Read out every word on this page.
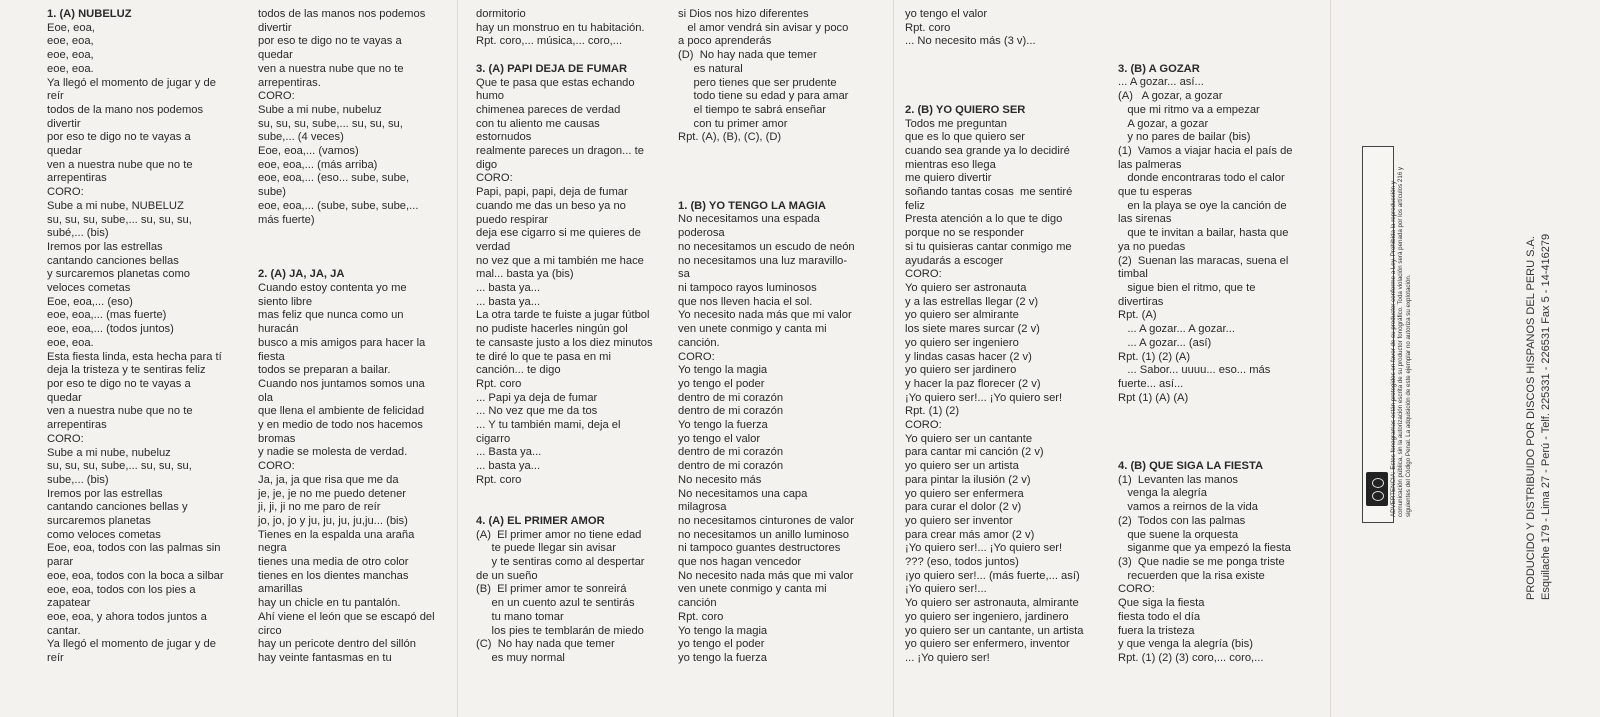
1. (A) NUBELUZ
Eoe, eoa,
eoe, eoa,
eoe, eoa,
eoe, eoa.
Ya llegó el momento de jugar y de
reír
todos de la mano nos podemos
divertir
por eso te digo no te vayas a
quedar
ven a nuestra nube que no te
arrepentiras
CORO:
Sube a mi nube, NUBELUZ
su, su, su, sube,... su, su, su,
subé,... (bis)
Iremos por las estrellas
cantando canciones bellas
y surcaremos planetas como
veloces cometas
Eoe, eoa,... (eso)
eoe, eoa,... (mas fuerte)
eoe, eoa,... (todos juntos)
eoe, eoa.
Esta fiesta linda, esta hecha para tí
deja la tristeza y te sentiras feliz
por eso te digo no te vayas a
quedar
ven a nuestra nube que no te
arrepentiras
CORO:
Sube a mi nube, nubeluz
su, su, su, sube,... su, su, su,
sube,... (bis)
Iremos por las estrellas
cantando canciones bellas y
surcaremos planetas
como veloces cometas
Eoe, eoa, todos con las palmas sin
parar
eoe, eoa, todos con la boca a silbar
eoe, eoa, todos con los pies a
zapatear
eoe, eoa, y ahora todos juntos a
cantar.
Ya llegó el momento de jugar y de
reír
todos de las manos nos podemos
divertir
por eso te digo no te vayas a
quedar
ven a nuestra nube que no te
arrepentiras.
CORO:
Sube a mi nube, nubeluz
su, su, su, sube,... su, su, su,
sube,... (4 veces)
Eoe, eoa,... (vamos)
eoe, eoa,... (más arriba)
eoe, eoa,... (eso... sube, sube,
sube)
eoe, eoa,... (sube, sube, sube,...
más fuerte)
2. (A) JA, JA, JA
Cuando estoy contenta yo me
siento libre
mas feliz que nunca como un
huracán
busco a mis amigos para hacer la
fiesta
todos se preparan a bailar.
Cuando nos juntamos somos una
ola
que llena el ambiente de felicidad
y en medio de todo nos hacemos
bromas
y nadie se molesta de verdad.
CORO:
Ja, ja, ja que risa que me da
je, je, je no me puedo detener
ji, ji, ji no me paro de reír
jo, jo, jo y ju, ju, ju, ju,ju... (bis)
Tienes en la espalda una araña
negra
tienes una media de otro color
tienes en los dientes manchas
amarillas
hay un chicle en tu pantalón.
Ahí viene el león que se escapó del
circo
hay un pericote dentro del sillón
hay veinte fantasmas en tu
dormitorio
hay un monstruo en tu habitación.
Rpt. coro,... música,... coro,...
3. (A) PAPI DEJA DE FUMAR
Que te pasa que estas echando
humo
chimenea pareces de verdad
con tu aliento me causas
estornudos
realmente pareces un dragon... te
digo
CORO:
Papi, papi, papi, deja de fumar
cuando me das un beso ya no
puedo respirar
deja ese cigarro si me quieres de
verdad
no vez que a mi también me hace
mal... basta ya (bis)
... basta ya...
... basta ya...
La otra tarde te fuiste a jugar fútbol
no pudiste hacerles ningún gol
te cansaste justo a los diez minutos
te diré lo que te pasa en mi
canción... te digo
Rpt. coro
... Papi ya deja de fumar
... No vez que me da tos
... Y tu también mami, deja el
cigarro
... Basta ya...
... basta ya...
Rpt. coro
4. (A) EL PRIMER AMOR
(A)  El primer amor no tiene edad
te puede llegar sin avisar
y te sentiras como al despertar
de un sueño
(B)  El primer amor te sonreirá
en un cuento azul te sentirás
tu mano tomar
los pies te temblarán de miedo
(C)  No hay nada que temer
es muy normal
si Dios nos hizo diferentes
el amor vendrá sin avisar y poco
a poco aprenderás
(D)  No hay nada que temer
es natural
pero tienes que ser prudente
todo tiene su edad y para amar
el tiempo te sabrá enseñar
con tu primer amor
Rpt. (A), (B), (C), (D)
1. (B) YO TENGO LA MAGIA
No necesitamos una espada
poderosa
no necesitamos un escudo de neón
no necesitamos una luz maravillo-
sa
ni tampoco rayos luminosos
que nos lleven hacia el sol.
Yo necesito nada más que mi valor
ven unete conmigo y canta mi
canción.
CORO:
Yo tengo la magia
yo tengo el poder
dentro de mi corazón
dentro de mi corazón
Yo tengo la fuerza
yo tengo el valor
dentro de mi corazón
dentro de mi corazón
No necesito más
No necesitamos una capa
milagrosa
no necesitamos cinturones de valor
no necesitamos un anillo luminoso
ni tampoco guantes destructores
que nos hagan vencedor
No necesito nada más que mi valor
ven unete conmigo y canta mi
canción
Rpt. coro
Yo tengo la magia
yo tengo el poder
yo tengo la fuerza
yo tengo el valor
Rpt. coro
... No necesito más (3 v)...
2. (B) YO QUIERO SER
Todos me preguntan
que es lo que quiero ser
cuando sea grande ya lo decidiré
mientras eso llega
me quiero divertir
soñando tantas cosas  me sentiré
feliz
Presta atención a lo que te digo
porque no se responder
si tu quisieras cantar conmigo me
ayudarás a escoger
CORO:
Yo quiero ser astronauta
y a las estrellas llegar (2 v)
yo quiero ser almirante
los siete mares surcar (2 v)
yo quiero ser ingeniero
y lindas casas hacer (2 v)
yo quiero ser jardinero
y hacer la paz florecer (2 v)
¡Yo quiero ser!... ¡Yo quiero ser!
Rpt. (1) (2)
CORO:
Yo quiero ser un cantante
para cantar mi canción (2 v)
yo quiero ser un artista
para pintar la ilusión (2 v)
yo quiero ser enfermera
para curar el dolor (2 v)
yo quiero ser inventor
para crear más amor (2 v)
¡Yo quiero ser!... ¡Yo quiero ser!
??? (eso, todos juntos)
¡yo quiero ser!... (más fuerte,... así)
¡Yo quiero ser!...
Yo quiero ser astronauta, almirante
yo quiero ser ingeniero, jardinero
yo quiero ser un cantante, un artista
yo quiero ser enfermero, inventor
... ¡Yo quiero ser!
3. (B) A GOZAR
... A gozar... así...
(A)   A gozar, a gozar
que mi ritmo va a empezar
A gozar, a gozar
y no pares de bailar (bis)
(1)  Vamos a viajar hacia el país de
las palmeras
donde encontraras todo el calor
que tu esperas
en la playa se oye la canción de
las sirenas
que te invitan a bailar, hasta que
ya no puedas
(2)  Suenan las maracas, suena el
timbal
sigue bien el ritmo, que te
divertiras
Rpt. (A)
... A gozar... A gozar...
... A gozar... (así)
Rpt. (1) (2) (A)
... Sabor... uuuu... eso... más
fuerte... así...
Rpt (1) (A) (A)
4. (B) QUE SIGA LA FIESTA
(1)  Levanten las manos
venga la alegría
vamos a reirnos de la vida
(2)  Todos con las palmas
que suene la orquesta
siganme que ya empezó la fiesta
(3)  Que nadie se me ponga triste
recuerden que la risa existe
CORO:
Que siga la fiesta
fiesta todo el día
fuera la tristeza
y que venga la alegría (bis)
Rpt. (1) (2) (3) coro,... coro,...
ADVERTENCIA: Estos fonogramas están protegidos en favor de su productor conforme a Ley. Prohibida la reproducción y comunicación pública, sin la autorización escrita de su productor fonográfico. Toda violación será penada por los artículos 216 y siguientes del Código Penal. La adquisición de este ejemplar no autoriza su explotación.	PRODUCIDO Y DISTRIBUIDO POR DISCOS HISPANOS DEL PERU S.A. Esquilache 179 - Lima 27 - Perú - Telf. 225331 - 226531 Fax 5 - 14-416279
